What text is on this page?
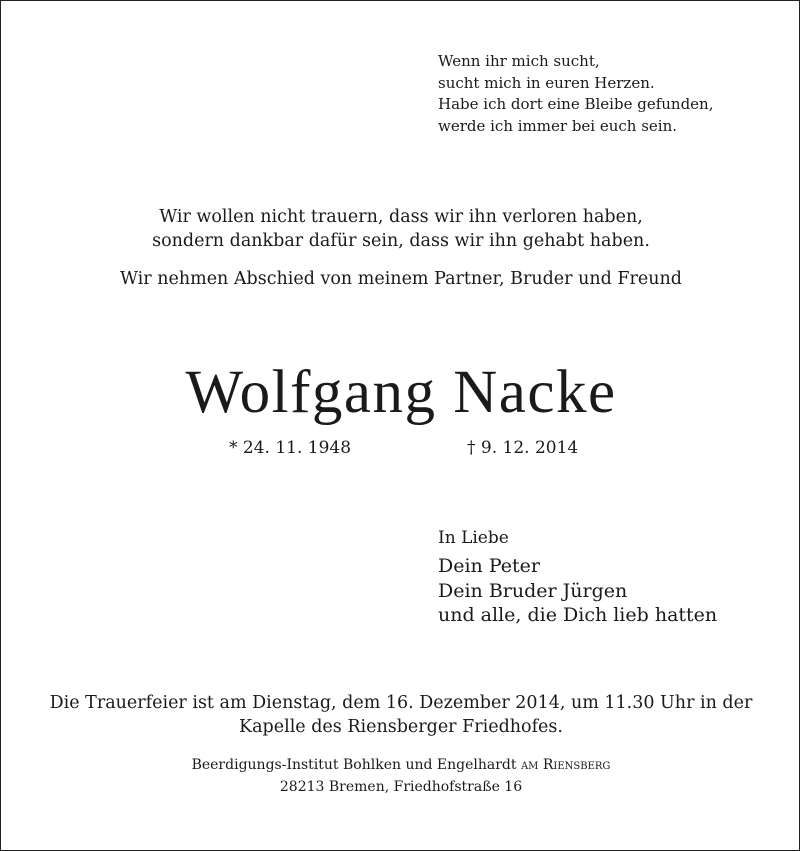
Wenn ihr mich sucht,
sucht mich in euren Herzen.
Habe ich dort eine Bleibe gefunden,
werde ich immer bei euch sein.
Wir wollen nicht trauern, dass wir ihn verloren haben,
sondern dankbar dafür sein, dass wir ihn gehabt haben.
Wir nehmen Abschied von meinem Partner, Bruder und Freund
Wolfgang Nacke
* 24. 11. 1948	† 9. 12. 2014
In Liebe
Dein Peter
Dein Bruder Jürgen
und alle, die Dich lieb hatten
Die Trauerfeier ist am Dienstag, dem 16. Dezember 2014, um 11.30 Uhr in der
Kapelle des Riensberger Friedhofes.
Beerdigungs-Institut Bohlken und Engelhardt am Riensberg
28213 Bremen, Friedhofstraße 16
